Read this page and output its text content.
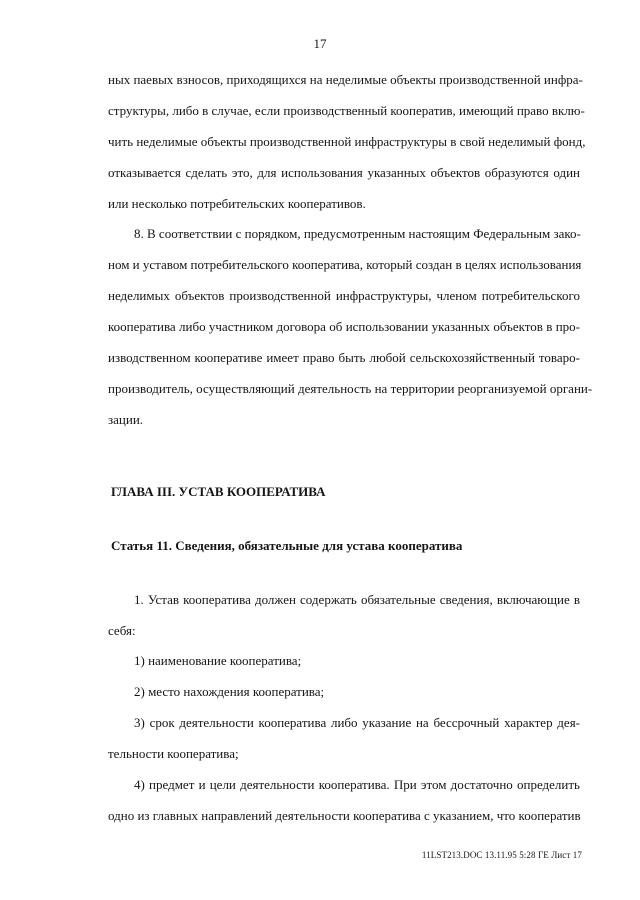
17
ных паевых взносов, приходящихся на неделимые объекты производственной инфра-
структуры, либо в случае, если производственный кооператив, имеющий право вклю-
чить неделимые объекты производственной инфраструктуры в свой неделимый фонд,
отказывается сделать это, для использования указанных объектов образуются один
или несколько потребительских кооперативов.
8. В соответствии с порядком, предусмотренным настоящим Федеральным зако-
ном и уставом потребительского кооператива, который создан в целях использования
неделимых объектов производственной инфраструктуры, членом потребительского
кооператива либо участником договора об использовании указанных объектов в про-
изводственном кооперативе имеет право быть любой сельскохозяйственный товаро-
производитель, осуществляющий деятельность на территории реорганизуемой органи-
зации.
ГЛАВА III. УСТАВ КООПЕРАТИВА
Статья 11. Сведения, обязательные для устава кооператива
1. Устав кооператива должен содержать обязательные сведения, включающие в
себя:
1) наименование кооператива;
2) место нахождения кооператива;
3) срок деятельности кооператива либо указание на бессрочный характер дея-
тельности кооператива;
4) предмет и цели деятельности кооператива. При этом достаточно определить
одно из главных направлений деятельности кооператива с указанием, что кооператив
11LST213.DOC 13.11.95 5:28 ГЕ Лист 17
